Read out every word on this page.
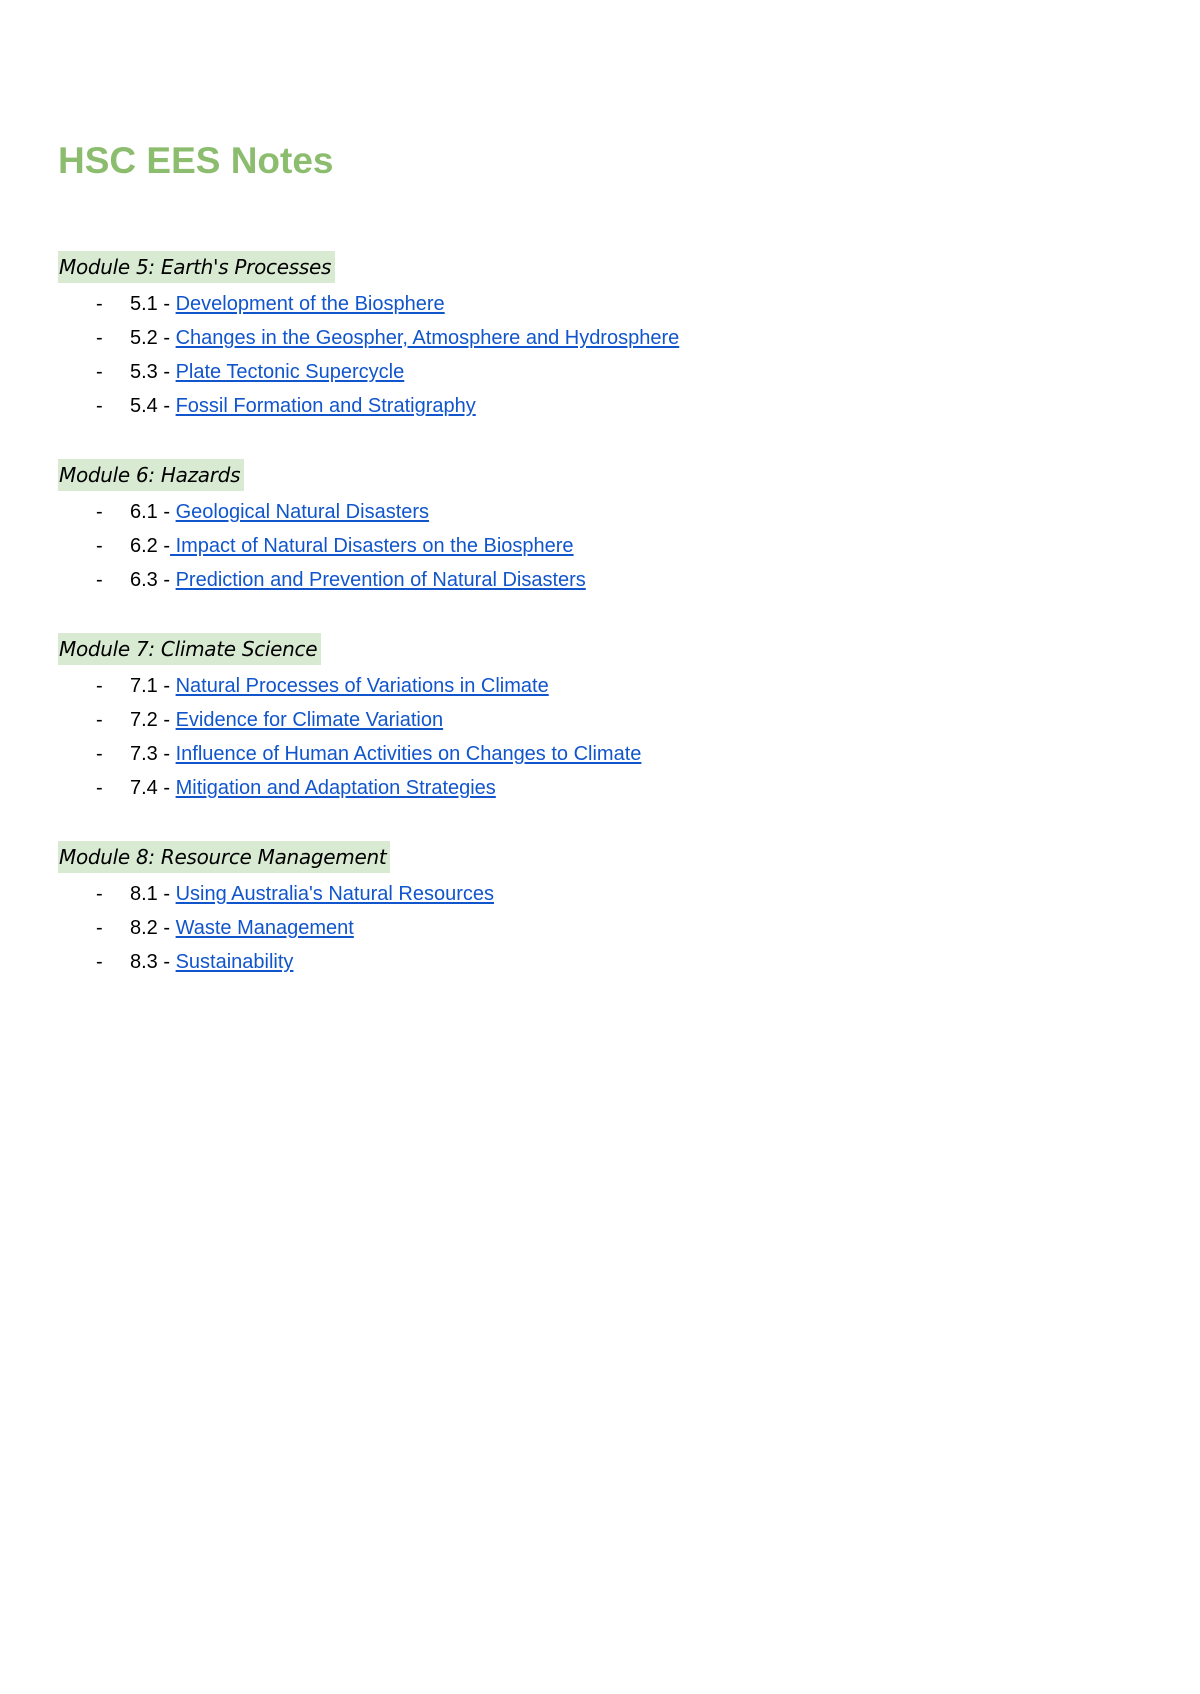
HSC EES Notes
Module 5: Earth's Processes
- 5.1 - Development of the Biosphere
- 5.2 - Changes in the Geospher, Atmosphere and Hydrosphere
- 5.3 - Plate Tectonic Supercycle
- 5.4 - Fossil Formation and Stratigraphy
Module 6: Hazards
- 6.1 - Geological Natural Disasters
- 6.2 - Impact of Natural Disasters on the Biosphere
- 6.3 - Prediction and Prevention of Natural Disasters
Module 7: Climate Science
- 7.1 - Natural Processes of Variations in Climate
- 7.2 - Evidence for Climate Variation
- 7.3 - Influence of Human Activities on Changes to Climate
- 7.4 - Mitigation and Adaptation Strategies
Module 8: Resource Management
- 8.1 - Using Australia's Natural Resources
- 8.2 - Waste Management
- 8.3 - Sustainability
